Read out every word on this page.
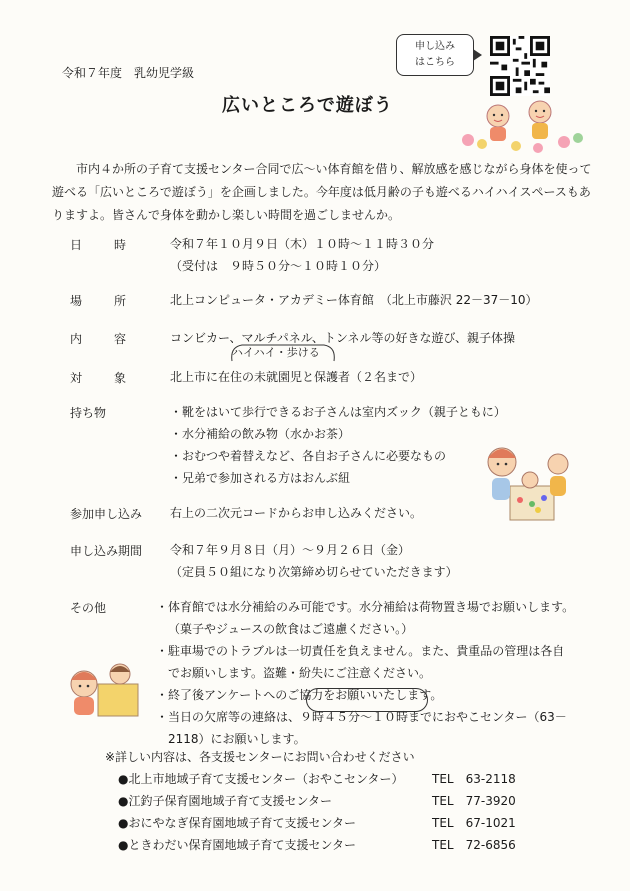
令和７年度　乳幼児学級
広いところで遊ぼう
申し込み
はこちら
市内４か所の子育て支援センター合同で広～い体育館を借り、解放感を感じながら身体を使って遊べる「広いところで遊ぼう」を企画しました。今年度は低月齢の子も遊べるハイハイスペースもありますよ。皆さんで身体を動かし楽しい時間を過ごしませんか。
日　時	令和７年１０月９日（木）１０時～１１時３０分
（受付は　９時５０分～１０時１０分）
場　所	北上コンピュータ・アカデミー体育館　（北上市藤沢 22－37－10）
内　容	コンビカー、マルチパネル、トンネル等の好きな遊び、親子体操
ハイハイ・歩ける
対　象	北上市に在住の未就園児と保護者（２名まで）
持ち物	・靴をはいて歩行できるお子さんは室内ズック（親子ともに）
・水分補給の飲み物（水かお茶）
・おむつや着替えなど、各自お子さんに必要なもの
・兄弟で参加される方はおんぶ紐
参加申し込み 右上の二次元コードからお申し込みください。
申し込み期間 令和７年９月８日（月）～９月２６日（金）
（定員５０組になり次第締め切らせていただきます）
その他	・体育館では水分補給のみ可能です。水分補給は荷物置き場でお願いします。（菓子やジュースの飲食はご遠慮ください。）
・駐車場でのトラブルは一切責任を負えません。また、貴重品の管理は各自でお願いします。盗難・紛失にご注意ください。
・終了後アンケートへのご協力をお願いいたします。
・当日の欠席等の連絡は、９時４５分～１０時までにおやこセンター（63－2118）にお願いします。
※詳しい内容は、各支援センターにお問い合わせください
●北上市地域子育て支援センター（おやこセンター） TEL　63-2118
●江釣子保育園地域子育て支援センター	TEL　77-3920
●おにやなぎ保育園地域子育て支援センター	TEL　67-1021
●ときわだい保育園地域子育て支援センター	TEL　72-6856
